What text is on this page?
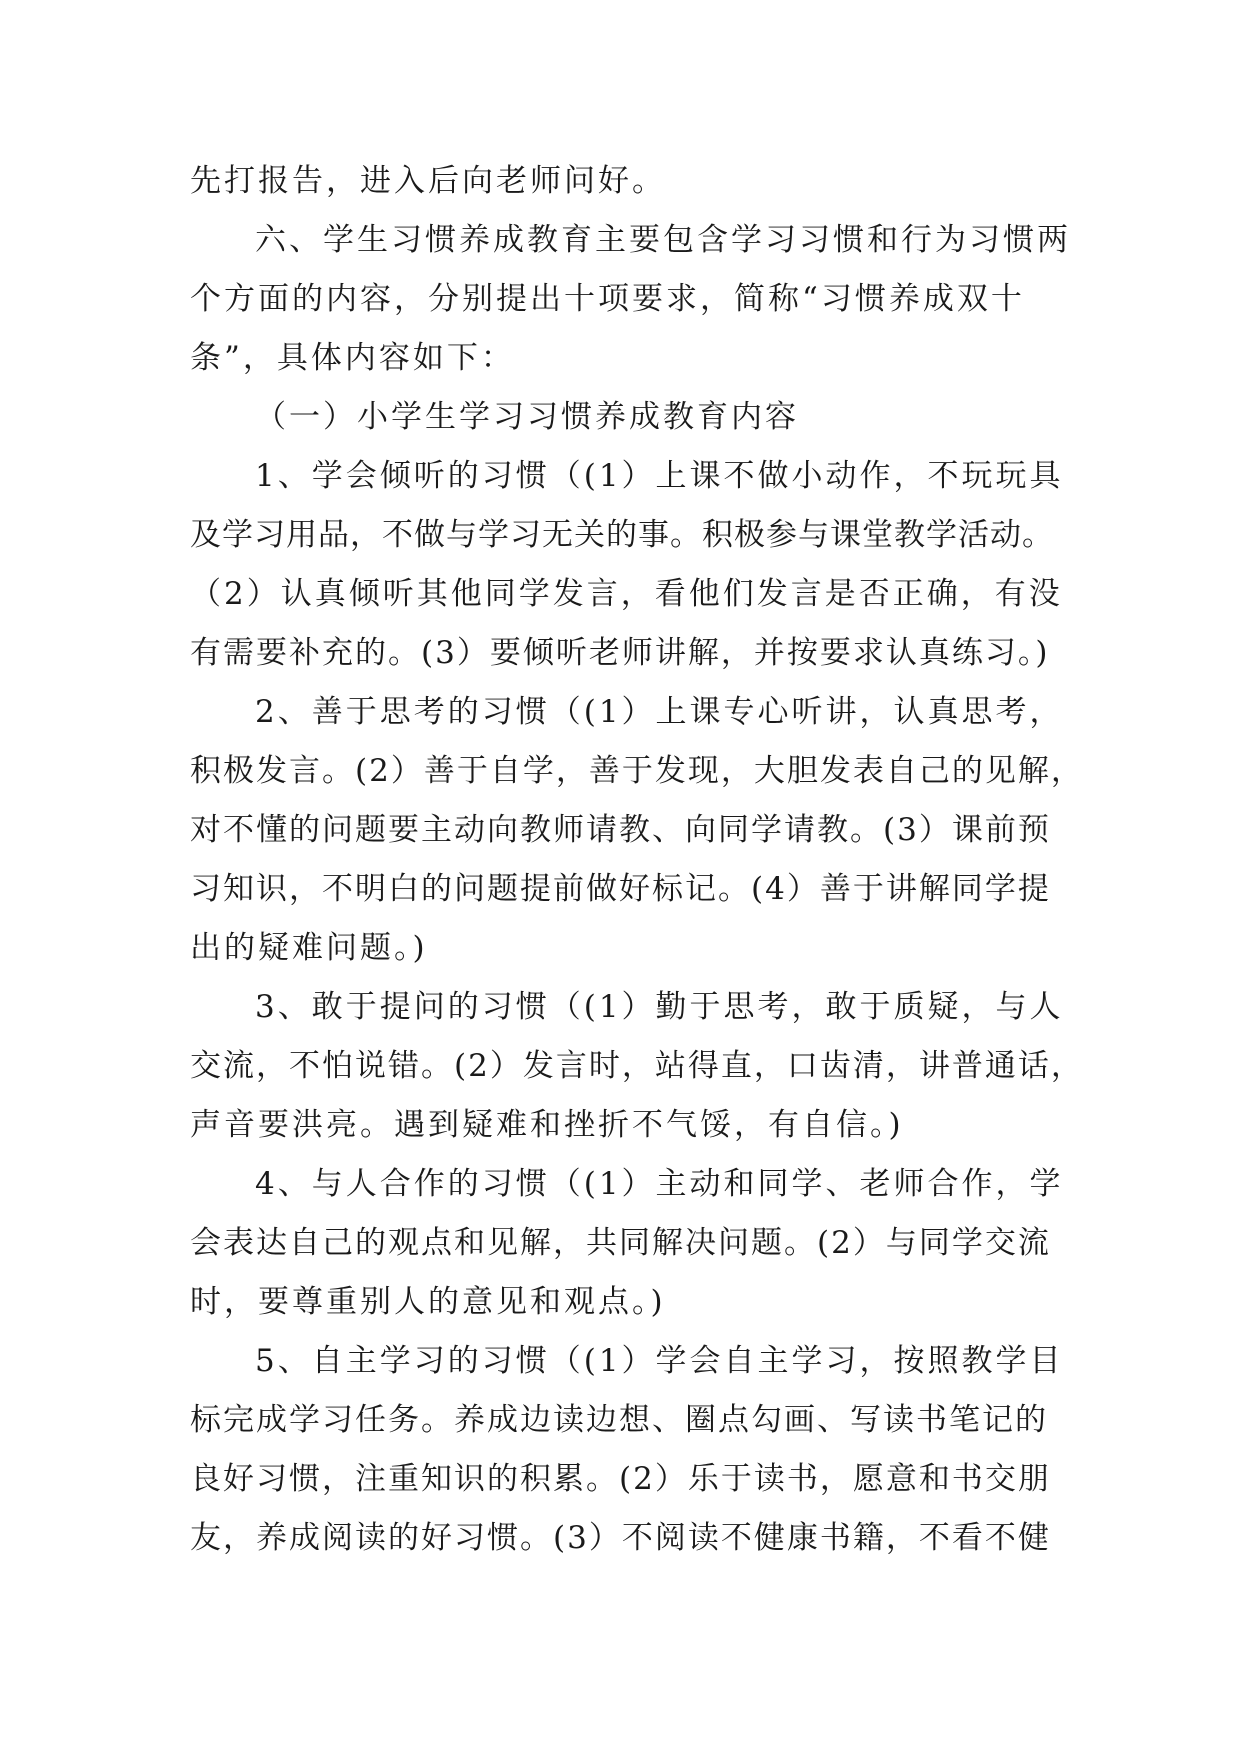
先打报告，进入后向老师问好。
六、学生习惯养成教育主要包含学习习惯和行为习惯两
个方面的内容，分别提出十项要求，简称“习惯养成双十
条”，具体内容如下：
（一）小学生学习习惯养成教育内容
1、学会倾听的习惯（(1）上课不做小动作，不玩玩具
及学习用品，不做与学习无关的事。积极参与课堂教学活动。
（2）认真倾听其他同学发言，看他们发言是否正确，有没
有需要补充的。(3）要倾听老师讲解，并按要求认真练习。)
2、善于思考的习惯（(1）上课专心听讲，认真思考，
积极发言。(2）善于自学，善于发现，大胆发表自己的见解，
对不懂的问题要主动向教师请教、向同学请教。(3）课前预
习知识，不明白的问题提前做好标记。(4）善于讲解同学提
出的疑难问题。)
3、敢于提问的习惯（(1）勤于思考，敢于质疑，与人
交流，不怕说错。(2）发言时，站得直，口齿清，讲普通话，
声音要洪亮。遇到疑难和挫折不气馁，有自信。)
4、与人合作的习惯（(1）主动和同学、老师合作，学
会表达自己的观点和见解，共同解决问题。(2）与同学交流
时，要尊重别人的意见和观点。)
5、自主学习的习惯（(1）学会自主学习，按照教学目
标完成学习任务。养成边读边想、圈点勾画、写读书笔记的
良好习惯，注重知识的积累。(2）乐于读书，愿意和书交朋
友，养成阅读的好习惯。(3）不阅读不健康书籍，不看不健
